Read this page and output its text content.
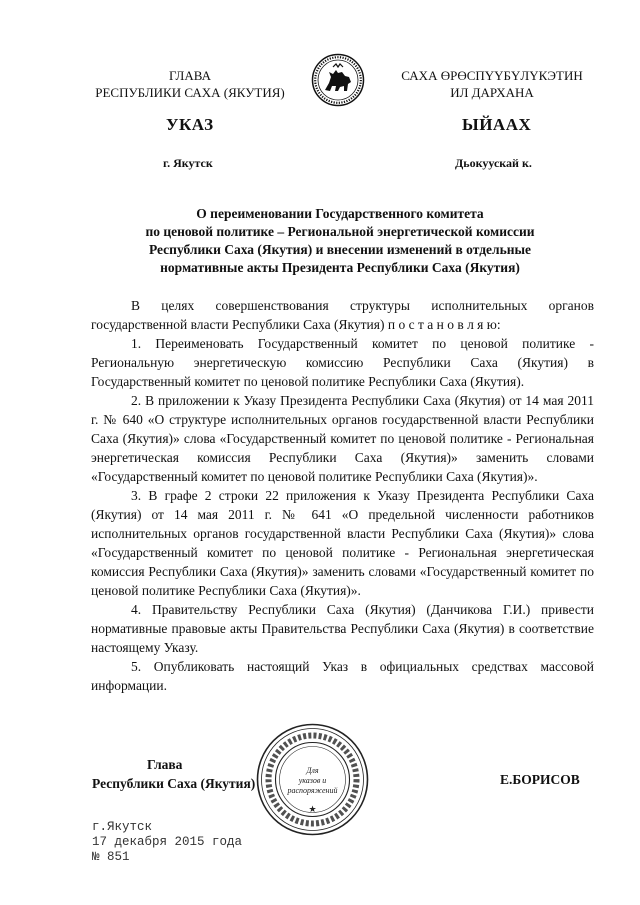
ГЛАВА
РЕСПУБЛИКИ САХА (ЯКУТИЯ)
САХА ӨРӨСПҮҮБҮЛҮКЭТИН
ИЛ ДАРХАНА
УКАЗ	ЫЙААХ
г. Якутск	Дьокуускай к.
О переименовании Государственного комитета
по ценовой политике – Региональной энергетической комиссии
Республики Саха (Якутия) и внесении изменений в отдельные
нормативные акты Президента Республики Саха (Якутия)

В целях совершенствования структуры исполнительных органов государственной власти Республики Саха (Якутия) п о с т а н о в л я ю:

1. Переименовать Государственный комитет по ценовой политике - Региональную энергетическую комиссию Республики Саха (Якутия) в Государственный комитет по ценовой политике Республики Саха (Якутия).

2. В приложении к Указу Президента Республики Саха (Якутия) от 14 мая 2011 г. № 640 «О структуре исполнительных органов государственной власти Республики Саха (Якутия)» слова «Государственный комитет по ценовой политике - Региональная энергетическая комиссия Республики Саха (Якутия)» заменить словами «Государственный комитет по ценовой политике Республики Саха (Якутия)».

3. В графе 2 строки 22 приложения к Указу Президента Республики Саха (Якутия) от 14 мая 2011 г. № 641 «О предельной численности работников исполнительных органов государственной власти Республики Саха (Якутия)» слова «Государственный комитет по ценовой политике - Региональная энергетическая комиссия Республики Саха (Якутия)» заменить словами «Государственный комитет по ценовой политике Республики Саха (Якутия)».

4. Правительству Республики Саха (Якутия) (Данчикова Г.И.) привести нормативные правовые акты Правительства Республики Саха (Якутия) в соответствие настоящему Указу.

5. Опубликовать настоящий Указ в официальных средствах массовой информации.

Глава
Республики Саха (Якутия)	Е.БОРИСОВ
Для
указов и
распоряжений
★
г.Якутск
17 декабря 2015 года
№ 851
